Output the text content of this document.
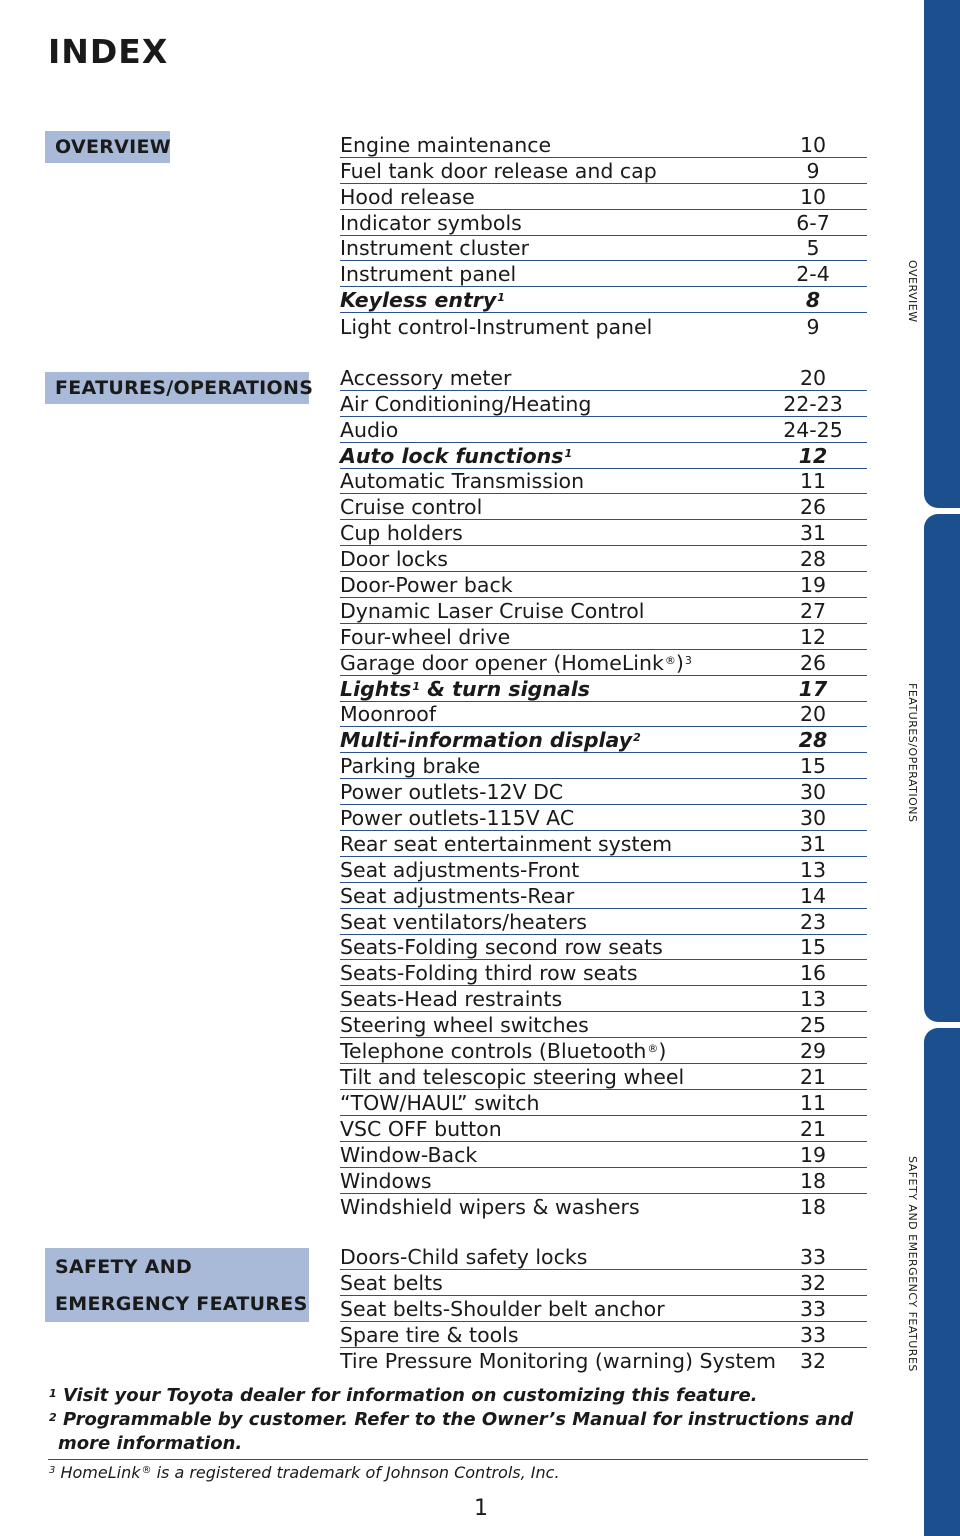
INDEX
OVERVIEW
FEATURES/OPERATIONS
SAFETY AND
EMERGENCY FEATURES
Engine maintenance	10
Fuel tank door release and cap	9
Hood release	10
Indicator symbols	6-7
Instrument cluster	5
Instrument panel	2-4
Keyless entry$^1$	8
Light control-Instrument panel	9
Accessory meter	20
Air Conditioning/Heating	22-23
Audio	24-25
Auto lock functions$^1$	12
Automatic Transmission	11
Cruise control	26
Cup holders	31
Door locks	28
Door-Power back	19
Dynamic Laser Cruise Control	27
Four-wheel drive	12
Garage door opener (HomeLink®)$^3$	26
Lights$^1$ & turn signals	17
Moonroof	20
Multi-information display$^2$	28
Parking brake	15
Power outlets-12V DC	30
Power outlets-115V AC	30
Rear seat entertainment system	31
Seat adjustments-Front	13
Seat adjustments-Rear	14
Seat ventilators/heaters	23
Seats-Folding second row seats	15
Seats-Folding third row seats	16
Seats-Head restraints	13
Steering wheel switches	25
Telephone controls (Bluetooth®)	29
Tilt and telescopic steering wheel	21
“TOW/HAUL” switch	11
VSC OFF button	21
Window-Back	19
Windows	18
Windshield wipers & washers	18
Doors-Child safety locks	33
Seat belts	32
Seat belts-Shoulder belt anchor	33
Spare tire & tools	33
Tire Pressure Monitoring (warning) System	32
OVERVIEW
FEATURES/OPERATIONS
SAFETY AND EMERGENCY FEATURES

$^1$ Visit your Toyota dealer for information on customizing this feature.

$^2$ Programmable by customer. Refer to the Owner’s Manual for instructions and

more information.

$^3$ HomeLink® is a registered trademark of Johnson Controls, Inc.
1
